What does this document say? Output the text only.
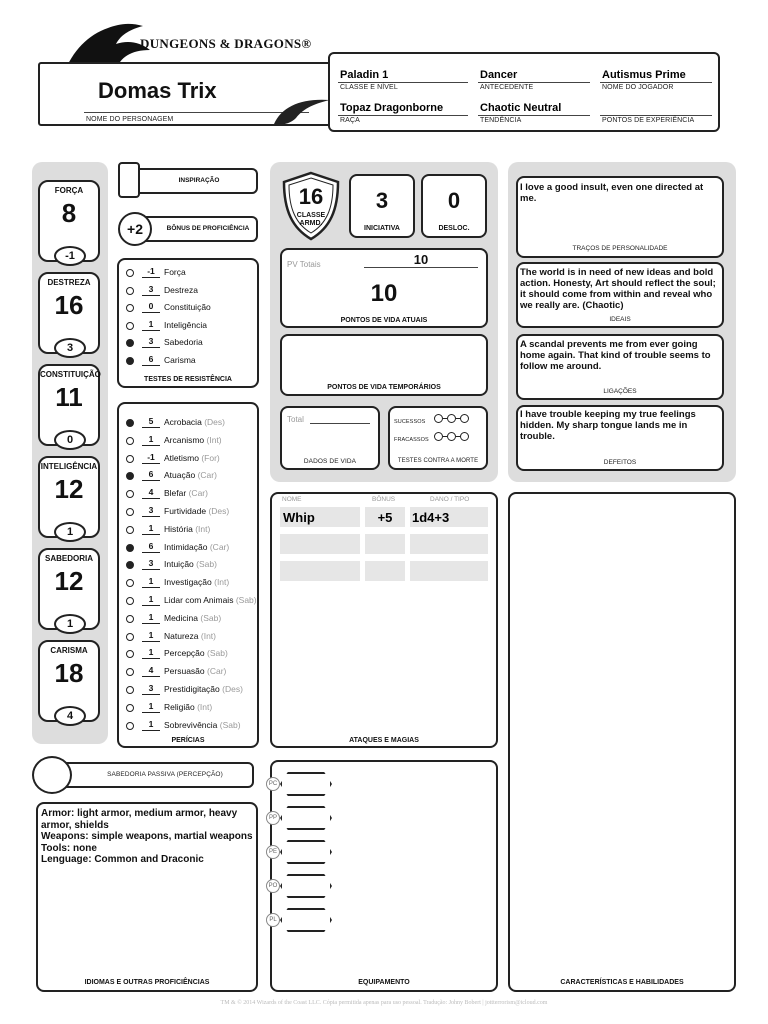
DUNGEONS & DRAGONS®
Domas Trix
NOME DO PERSONAGEM
Paladin 1
CLASSE E NÍVEL
Dancer
ANTECEDENTE
Autismus Prime
NOME DO JOGADOR
Topaz Dragonborne
RAÇA
Chaotic Neutral
TENDÊNCIA	PONTOS DE EXPERIÊNCIA
FORÇA
8
-1
DESTREZA
16
3
CONSTITUIÇÃO
11
0
INTELIGÊNCIA
12
1
SABEDORIA
12
1
CARISMA
18
4
INSPIRAÇÃO
+2	BÔNUS DE PROFICIÊNCIA
-1	Força
3	Destreza
0	Constituição
1	Inteligência
3	Sabedoria
6	Carisma
TESTES DE RESISTÊNCIA
5	Acrobacia (Des)
1	Arcanismo (Int)
-1	Atletismo (For)
6	Atuação (Car)
4	Blefar (Car)
3	Furtividade (Des)
1	História (Int)
6	Intimidação (Car)
3	Intuição (Sab)
1	Investigação (Int)
1	Lidar com Animais (Sab)
1	Medicina (Sab)
1	Natureza (Int)
1	Percepção (Sab)
4	Persuasão (Car)
3	Prestidigitação (Des)
1	Religião (Int)
1	Sobrevivência (Sab)
PERÍCIAS
SABEDORIA PASSIVA (PERCEPÇÃO)
Armor: light armor, medium armor, heavy armor, shields
Weapons: simple weapons, martial weapons
Tools: none
Lenguage: Common and Draconic
IDIOMAS E OUTRAS PROFICIÊNCIAS
16
CLASSE
ARMD.
3
INICIATIVA
0
DESLOC.
PV Totais	10
10
PONTOS DE VIDA ATUAIS
PONTOS DE VIDA TEMPORÁRIOS
Total
DADOS DE VIDA
SUCESSOS
FRACASSOS
TESTES CONTRA A MORTE
NOME	BÔNUS	DANO / TIPO
Whip	+5	1d4+3
ATAQUES E MAGIAS
PC
PP
PE
PO
PL
EQUIPAMENTO
I love a good insult, even one directed at me.
TRAÇOS DE PERSONALIDADE
The world is in need of new ideas and bold action. Honesty, Art should reflect the soul; it should come from within and reveal who we really are. (Chaotic)
IDEAIS
A scandal prevents me from ever going home again. That kind of trouble seems to follow me around.
LIGAÇÕES
I have trouble keeping my true feelings hidden. My sharp tongue lands me in trouble.
DEFEITOS
CARACTERÍSTICAS E HABILIDADES
TM & © 2014 Wizards of the Coast LLC. Cópia permitida apenas para uso pessoal. Tradução: Johny Bobert | jottterrorism@icloud.com
